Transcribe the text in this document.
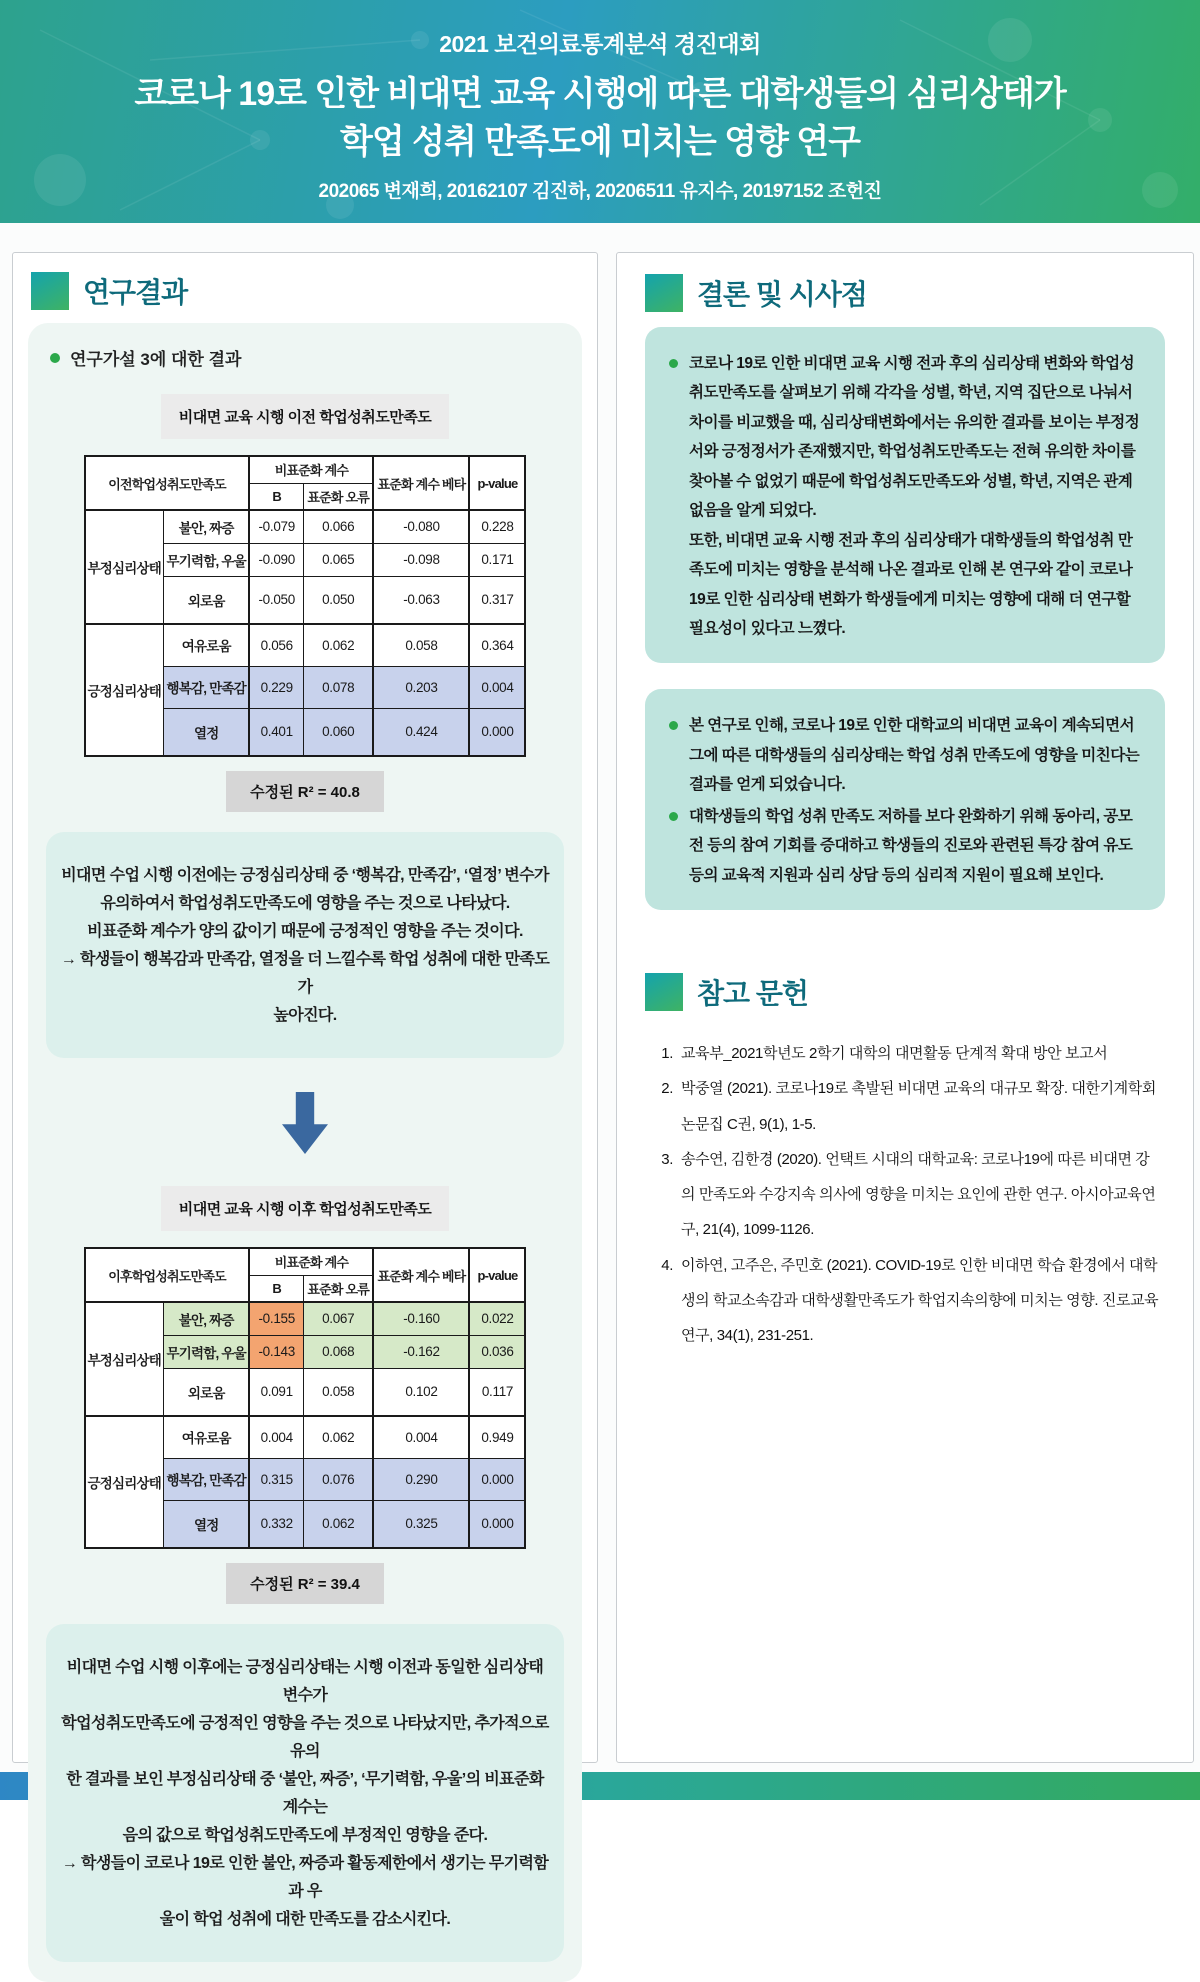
2021 보건의료통계분석 경진대회
코로나 19로 인한 비대면 교육 시행에 따른 대학생들의 심리상태가
학업 성취 만족도에 미치는 영향 연구
202065 변재희, 20162107 김진하, 20206511 유지수, 20197152 조헌진
연구결과
연구가설 3에 대한 결과
비대면 교육 시행 이전 학업성취도만족도
이전학업성취도만족도		비표준화 계수		표준화 계수 베타	p-value
		B	표준화 오류		
부정심리상태	불안, 짜증	-0.079	0.066	-0.080	0.228
	무기력함, 우울	-0.090	0.065	-0.098	0.171
	외로움	-0.050	0.050	-0.063	0.317
긍정심리상태	여유로움	0.056	0.062	0.058	0.364
	행복감, 만족감	0.229	0.078	0.203	0.004
	열정	0.401	0.060	0.424	0.000
수정된 R² = 40.8
비대면 수업 시행 이전에는 긍정심리상태 중 ‘행복감, 만족감’, ‘열정’ 변수가
유의하여서 학업성취도만족도에 영향을 주는 것으로 나타났다.
비표준화 계수가 양의 값이기 때문에 긍정적인 영향을 주는 것이다.
→ 학생들이 행복감과 만족감, 열정을 더 느낄수록 학업 성취에 대한 만족도가
높아진다.
비대면 교육 시행 이후 학업성취도만족도
이후학업성취도만족도		비표준화 계수		표준화 계수 베타	p-value
		B	표준화 오류		
부정심리상태	불안, 짜증	-0.155	0.067	-0.160	0.022
	무기력함, 우울	-0.143	0.068	-0.162	0.036
	외로움	0.091	0.058	0.102	0.117
긍정심리상태	여유로움	0.004	0.062	0.004	0.949
	행복감, 만족감	0.315	0.076	0.290	0.000
	열정	0.332	0.062	0.325	0.000
수정된 R² = 39.4
비대면 수업 시행 이후에는 긍정심리상태는 시행 이전과 동일한 심리상태 변수가
학업성취도만족도에 긍정적인 영향을 주는 것으로 나타났지만, 추가적으로 유의
한 결과를 보인 부정심리상태 중 ‘불안, 짜증’, ‘무기력함, 우울’의 비표준화 계수는
음의 값으로 학업성취도만족도에 부정적인 영향을 준다.
→ 학생들이 코로나 19로 인한 불안, 짜증과 활동제한에서 생기는 무기력함과 우
울이 학업 성취에 대한 만족도를 감소시킨다.
결론 및 시사점
코로나 19로 인한 비대면 교육 시행 전과 후의 심리상태 변화와 학업성취도만족도를 살펴보기 위해 각각을 성별, 학년, 지역 집단으로 나눠서 차이를 비교했을 때, 심리상태변화에서는 유의한 결과를 보이는 부정정서와 긍정정서가 존재했지만, 학업성취도만족도는 전혀 유의한 차이를 찾아볼 수 없었기 때문에 학업성취도만족도와 성별, 학년, 지역은 관계 없음을 알게 되었다.
또한, 비대면 교육 시행 전과 후의 심리상태가 대학생들의 학업성취 만족도에 미치는 영향을 분석해 나온 결과로 인해 본 연구와 같이 코로나 19로 인한 심리상태 변화가 학생들에게 미치는 영향에 대해 더 연구할 필요성이 있다고 느꼈다.
본 연구로 인해, 코로나 19로 인한 대학교의 비대면 교육이 계속되면서 그에 따른 대학생들의 심리상태는 학업 성취 만족도에 영향을 미친다는 결과를 얻게 되었습니다.
대학생들의 학업 성취 만족도 저하를 보다 완화하기 위해 동아리, 공모전 등의 참여 기회를 증대하고 학생들의 진로와 관련된 특강 참여 유도 등의 교육적 지원과 심리 상담 등의 심리적 지원이 필요해 보인다.
참고 문헌
1. 교육부_2021학년도 2학기 대학의 대면활동 단계적 확대 방안 보고서
2. 박중열 (2021). 코로나19로 촉발된 비대면 교육의 대규모 확장. 대한기계학회 논문집 C권, 9(1), 1-5.
3. 송수연, 김한경 (2020). 언택트 시대의 대학교육: 코로나19에 따른 비대면 강의 만족도와 수강지속 의사에 영향을 미치는 요인에 관한 연구. 아시아교육연구, 21(4), 1099-1126.
4. 이하연, 고주은, 주민호 (2021). COVID-19로 인한 비대면 학습 환경에서 대학생의 학교소속감과 대학생활만족도가 학업지속의향에 미치는 영향. 진로교육연구, 34(1), 231-251.
